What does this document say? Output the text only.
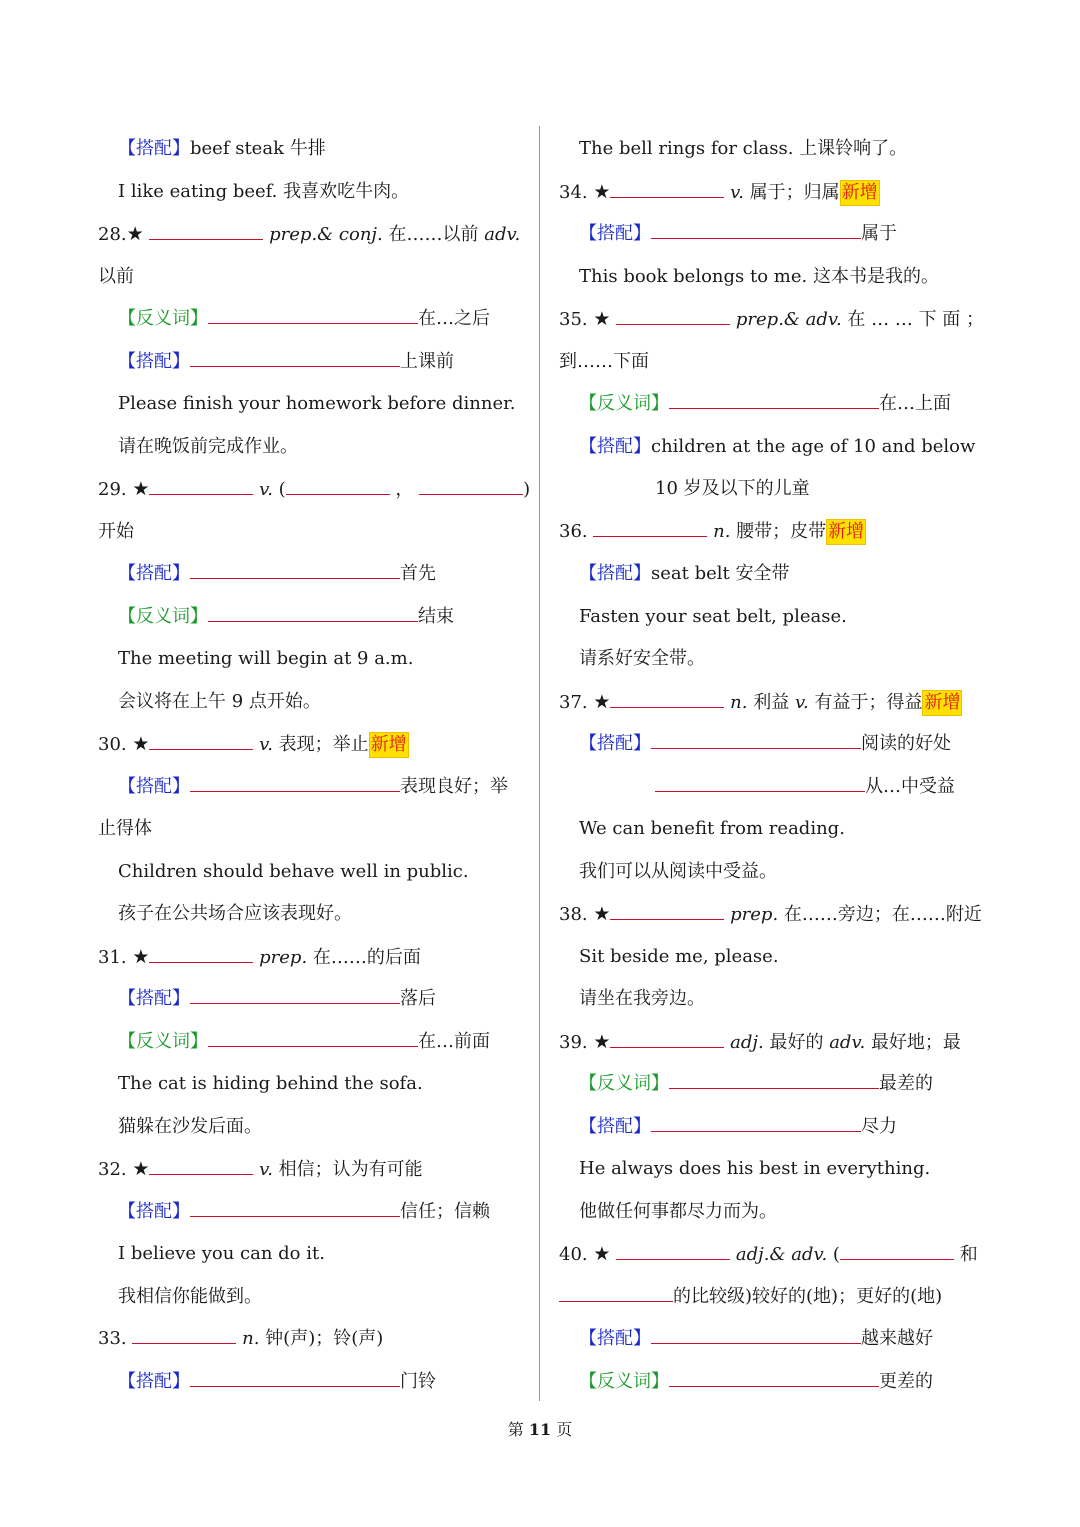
【搭配】beef steak 牛排
I like eating beef. 我喜欢吃牛肉。
28.★	prep.& conj. 在……以前 adv.
以前
【反义词】	在…之后
【搭配】	上课前
Please finish your homework before dinner.
请在晚饭前完成作业。
29. ★	v. (	，	)
开始
【搭配】	首先
【反义词】	结束
The meeting will begin at 9 a.m.
会议将在上午 9 点开始。
30. ★	v. 表现；举止 新增
【搭配】	表现良好；举
止得体
Children should behave well in public.
孩子在公共场合应该表现好。
31. ★	prep. 在……的后面
【搭配】	落后
【反义词】	在…前面
The cat is hiding behind the sofa.
猫躲在沙发后面。
32. ★	v. 相信；认为有可能
【搭配】	信任；信赖
I believe you can do it.
我相信你能做到。
33.	n. 钟(声)；铃(声)
【搭配】	门铃
The bell rings for class. 上课铃响了。
34. ★	v. 属于；归属 新增
【搭配】	属于
This book belongs to me. 这本书是我的。
35. ★	prep.& adv. 在 … … 下 面 ；
到……下面
【反义词】	在…上面
【搭配】children at the age of 10 and below
10 岁及以下的儿童
36.	n. 腰带；皮带 新增
【搭配】seat belt 安全带
Fasten your seat belt, please.
请系好安全带。
37. ★	n. 利益 v. 有益于；得益 新增
【搭配】	阅读的好处
从…中受益
We can benefit from reading.
我们可以从阅读中受益。
38. ★	prep. 在……旁边；在……附近
Sit beside me, please.
请坐在我旁边。
39. ★	adj. 最好的 adv. 最好地；最
【反义词】	最差的
【搭配】	尽力
He always does his best in everything.
他做任何事都尽力而为。
40. ★	adj.& adv. (	和
的比较级)较好的(地)；更好的(地)
【搭配】	越来越好
【反义词】	更差的
第 11 页
